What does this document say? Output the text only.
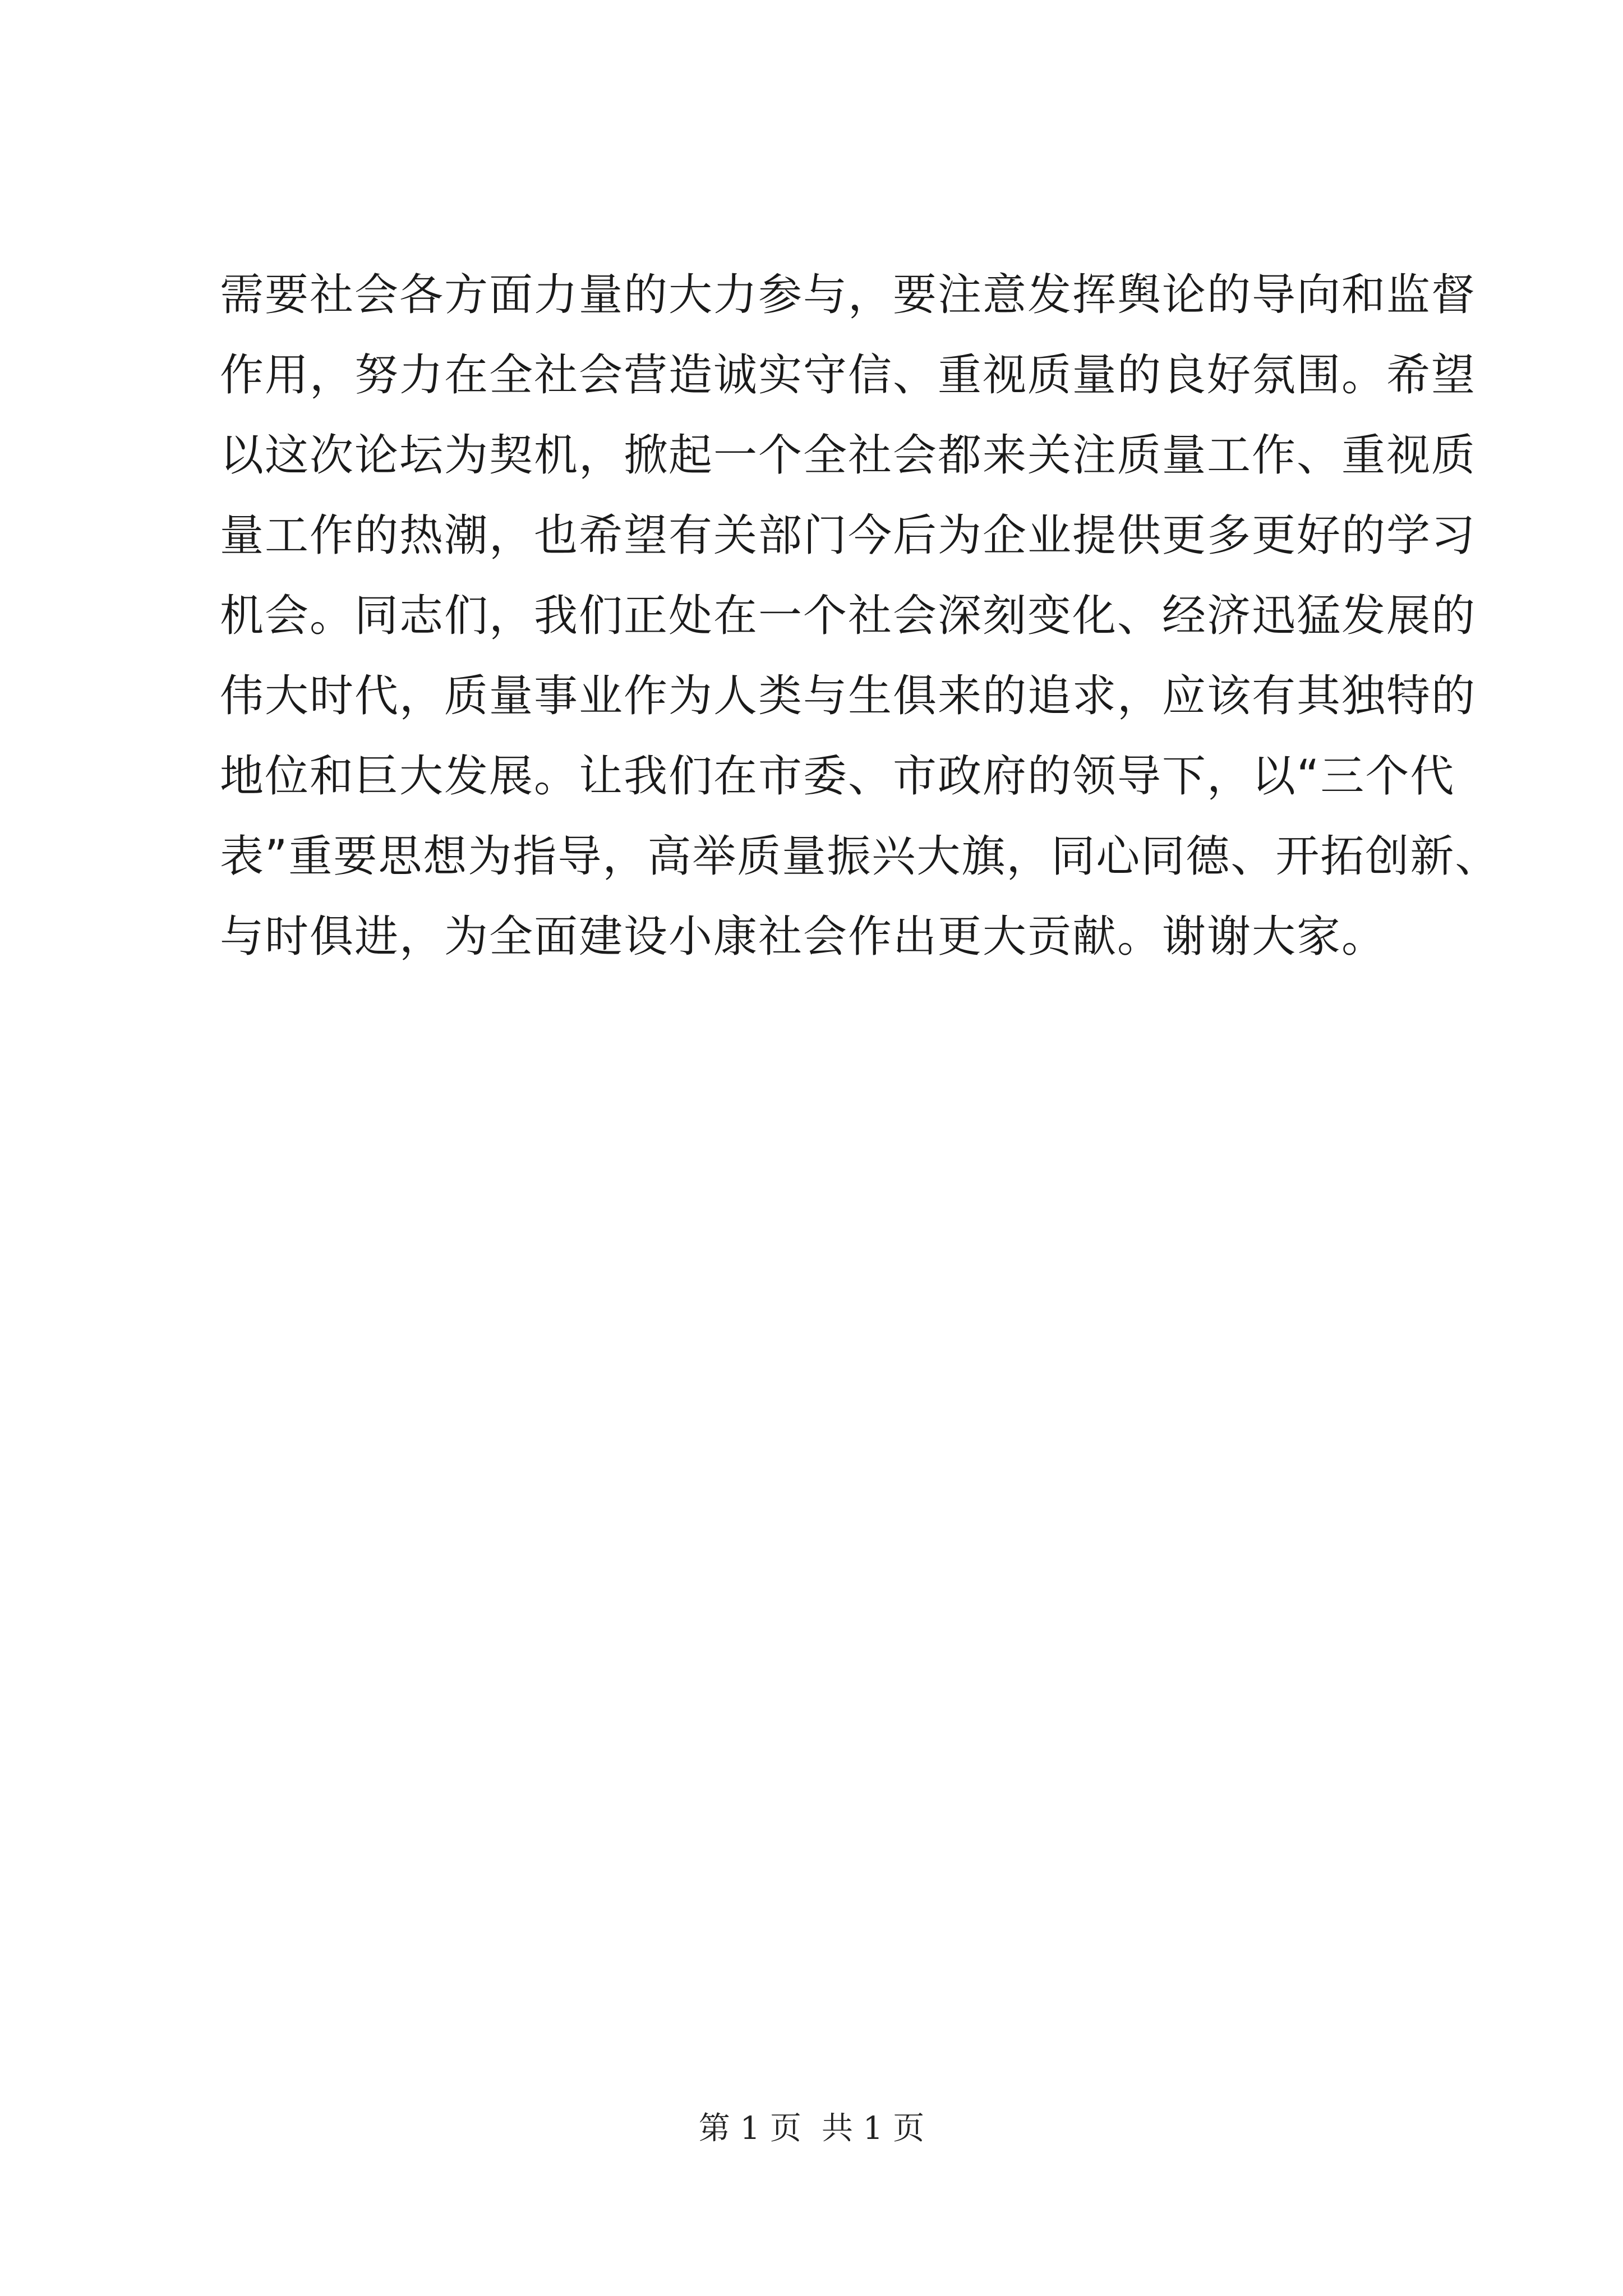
需要社会各方面力量的大力参与，要注意发挥舆论的导向和监督
作用，努力在全社会营造诚实守信、重视质量的良好氛围。希望
以这次论坛为契机，掀起一个全社会都来关注质量工作、重视质
量工作的热潮，也希望有关部门今后为企业提供更多更好的学习
机会。同志们，我们正处在一个社会深刻变化、经济迅猛发展的
伟大时代，质量事业作为人类与生俱来的追求，应该有其独特的
地位和巨大发展。让我们在市委、市政府的领导下，以“三个代
表”重要思想为指导，高举质量振兴大旗，同心同德、开拓创新、
与时俱进，为全面建设小康社会作出更大贡献。谢谢大家。
第 1 页 共 1 页
